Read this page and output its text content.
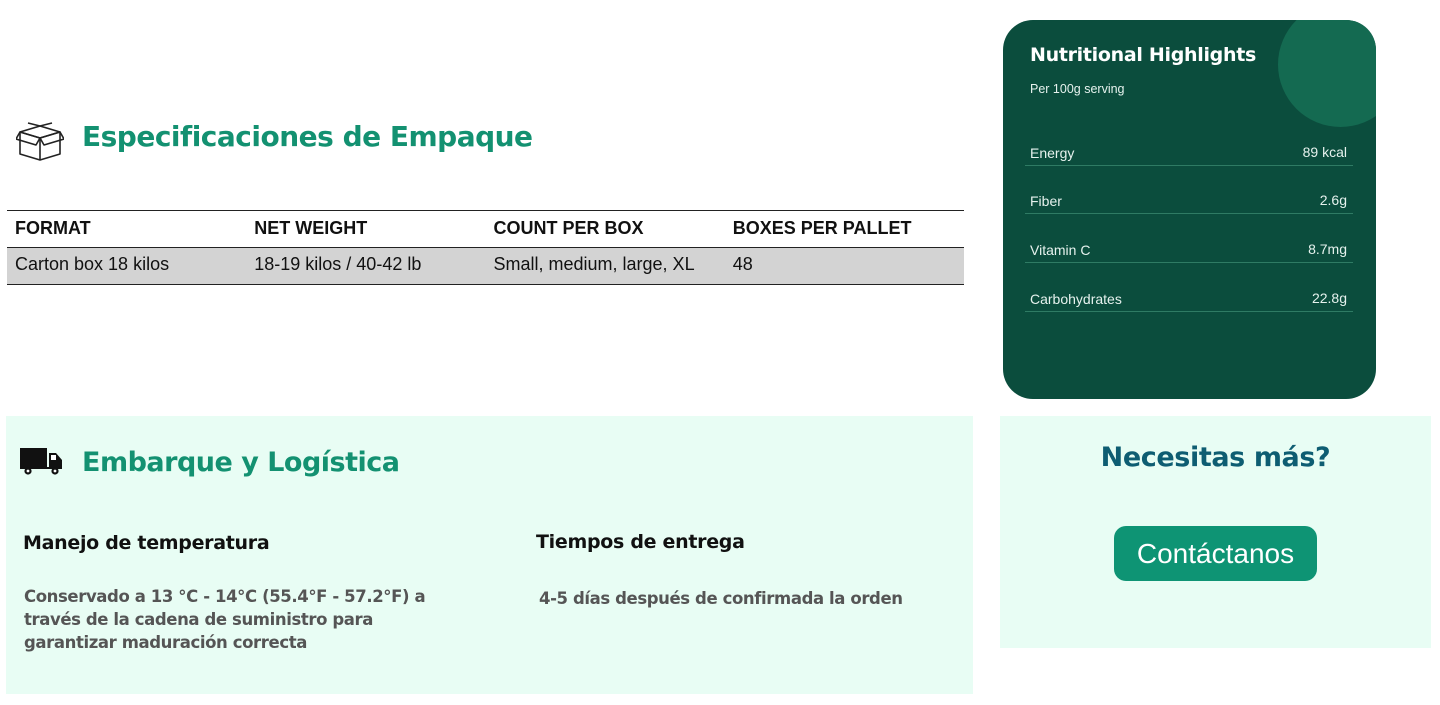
Especificaciones de Empaque
FORMAT	NET WEIGHT	COUNT PER BOX	BOXES PER PALLET
Carton box 18 kilos	18-19 kilos / 40-42 lb	Small, medium, large, XL	48
Nutritional Highlights
Per 100g serving
Energy	89 kcal
Fiber	2.6g
Vitamin C	8.7mg
Carbohydrates	22.8g
Embarque y Logística
Manejo de temperatura
Conservado a 13 °C - 14°C (55.4°F - 57.2°F) a través de la cadena de suministro para garantizar maduración correcta
Tiempos de entrega
4-5 días después de confirmada la orden
Necesitas más?
Contáctanos
